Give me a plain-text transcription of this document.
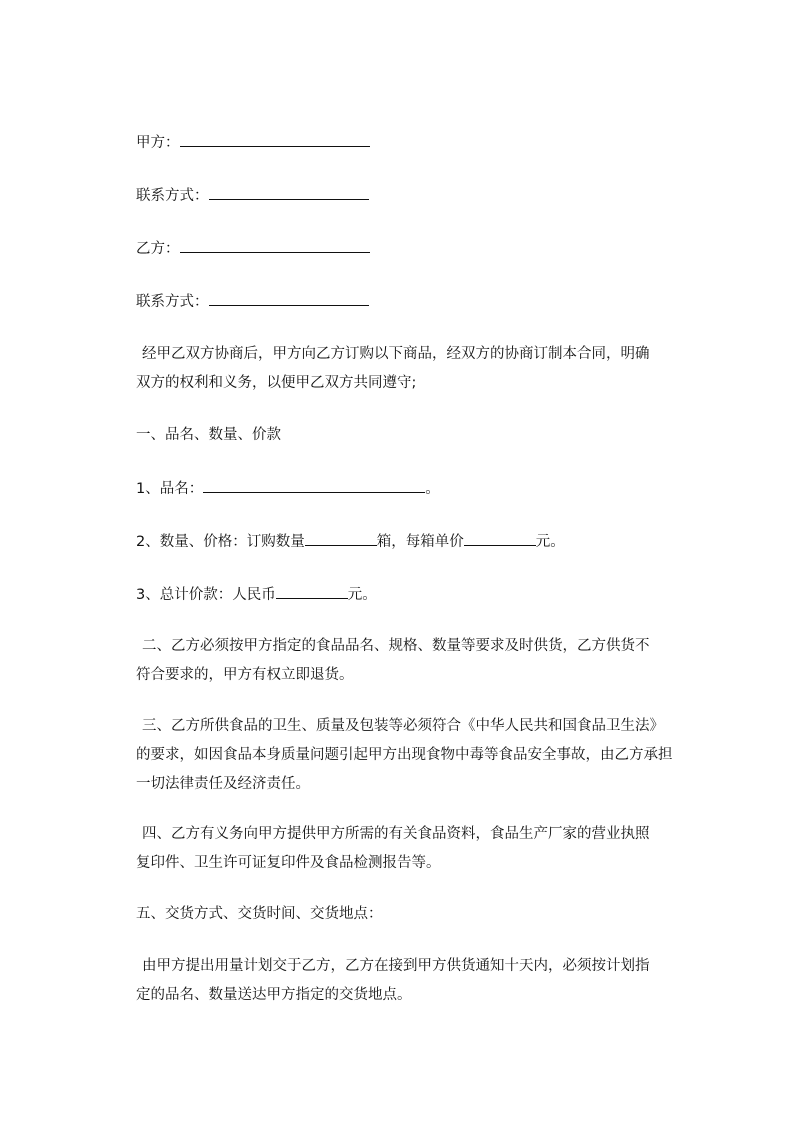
甲方：
联系方式：
乙方：
联系方式：
经甲乙双方协商后，甲方向乙方订购以下商品，经双方的协商订制本合同，明确
双方的权利和义务，以便甲乙双方共同遵守;
一、品名、数量、价款
1、品名：	。
2、数量、价格：订购数量	箱，每箱单价	元。
3、总计价款：人民币	元。
二、乙方必须按甲方指定的食品品名、规格、数量等要求及时供货，乙方供货不
符合要求的，甲方有权立即退货。
三、乙方所供食品的卫生、质量及包装等必须符合《中华人民共和国食品卫生法》
的要求，如因食品本身质量问题引起甲方出现食物中毒等食品安全事故，由乙方承担
一切法律责任及经济责任。
四、乙方有义务向甲方提供甲方所需的有关食品资料，食品生产厂家的营业执照
复印件、卫生许可证复印件及食品检测报告等。
五、交货方式、交货时间、交货地点：
由甲方提出用量计划交于乙方，乙方在接到甲方供货通知十天内，必须按计划指
定的品名、数量送达甲方指定的交货地点。
